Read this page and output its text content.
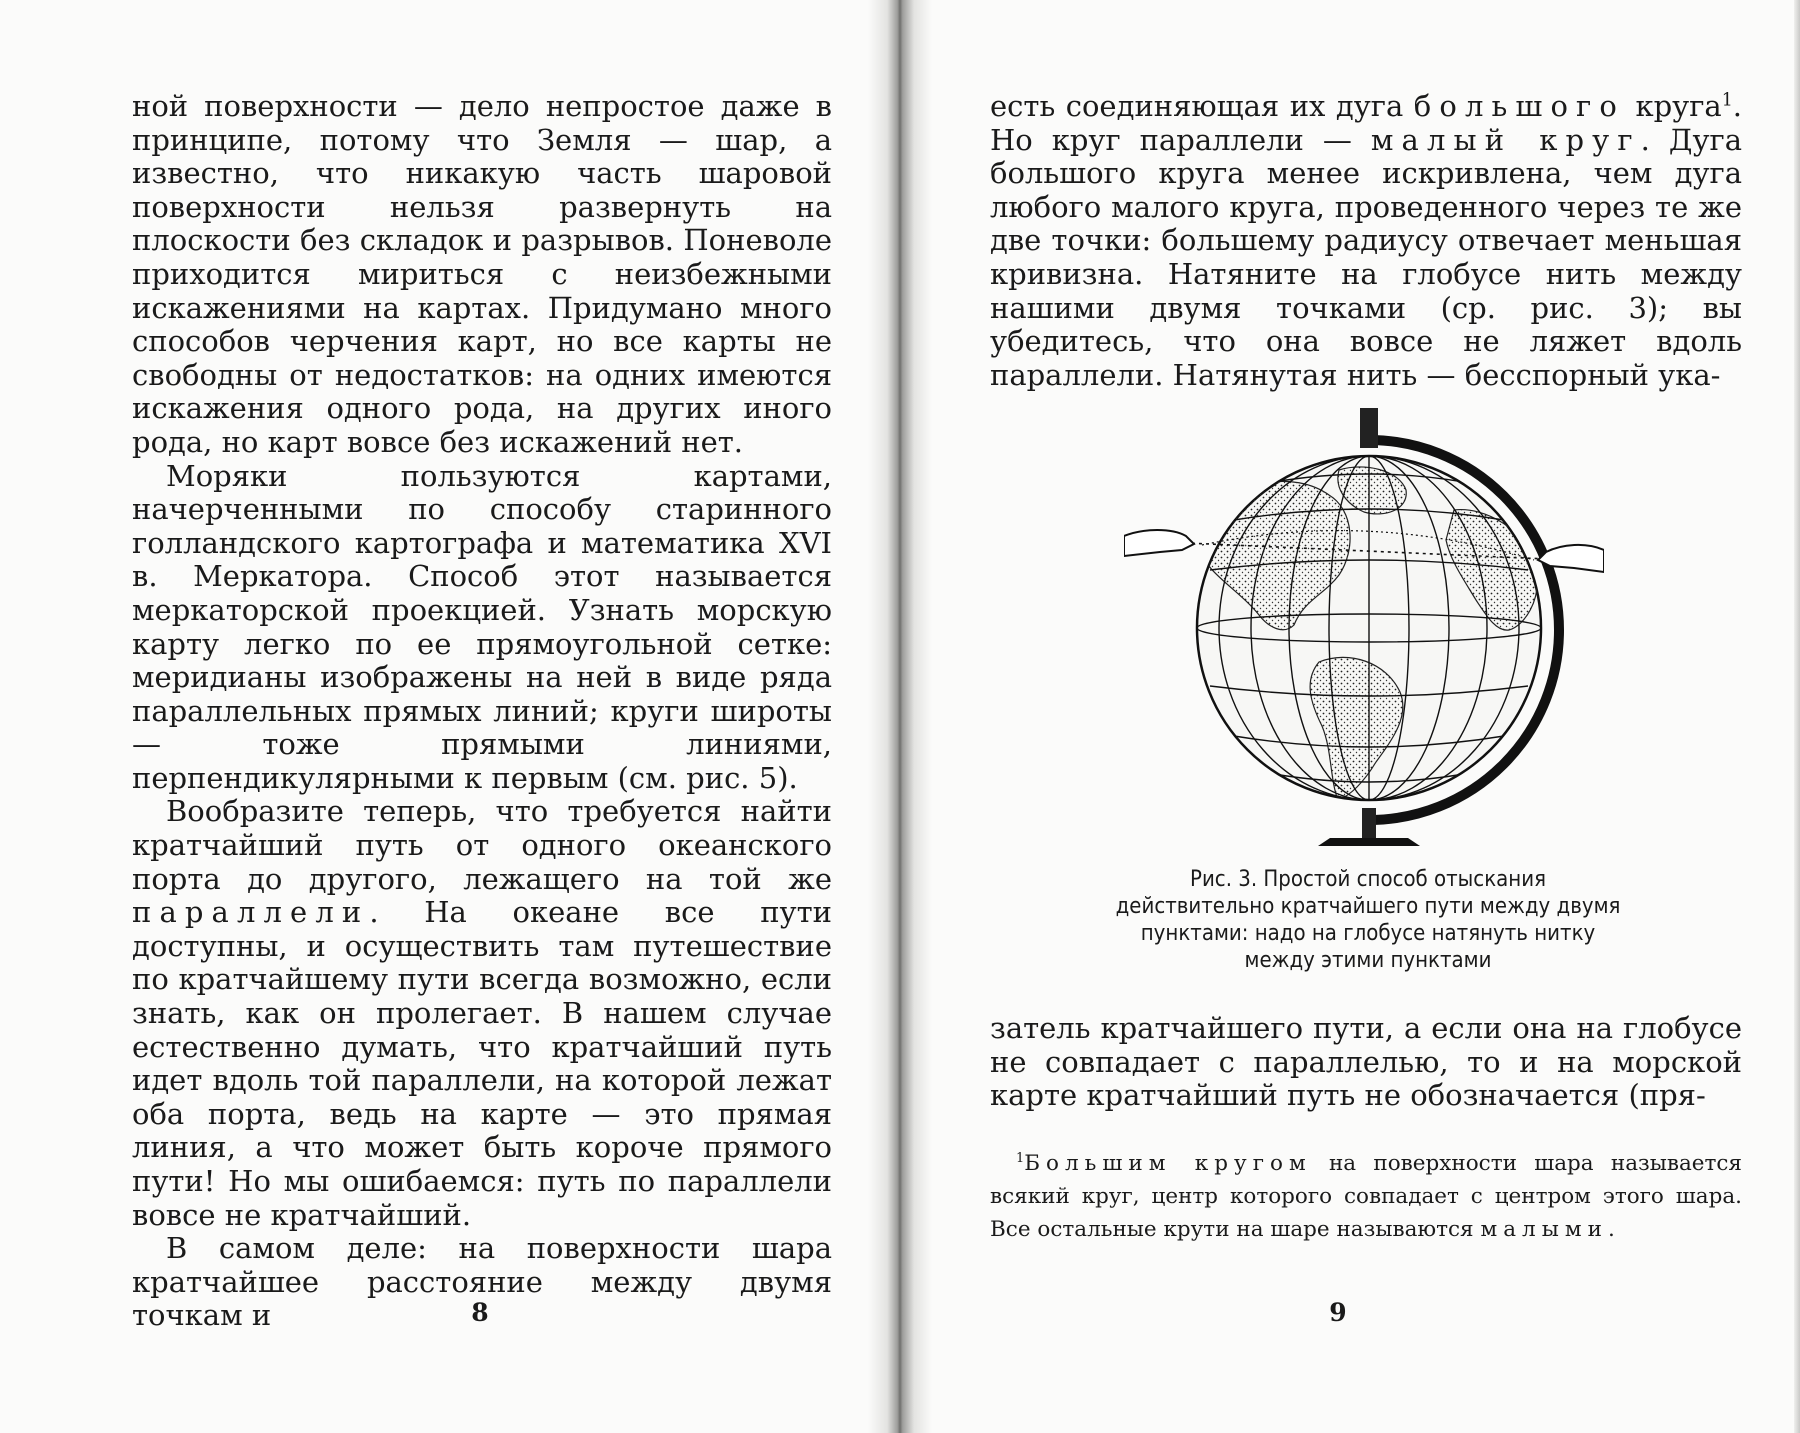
ной поверхности — дело непростое даже в принципе, потому что Земля — шар, а известно, что никакую часть шаровой поверхности нельзя развернуть на плоскости без складок и разрывов. Поневоле приходится мириться с неизбежными искажениями на картах. Придумано много способов черчения карт, но все карты не свободны от недостатков: на одних имеются искажения одного рода, на других иного рода, но карт вовсе без искажений нет.

Моряки пользуются картами, начерченными по способу старинного голландского картографа и математика XVI в. Меркатора. Способ этот называется меркаторской проекцией. Узнать морскую карту легко по ее прямоугольной сетке: меридианы изображены на ней в виде ряда параллельных прямых линий; круги широты — тоже прямыми линиями, перпендикулярными к первым (см. рис. 5).

Вообразите теперь, что требуется найти кратчайший путь от одного океанского порта до другого, лежащего на той же параллели. На океане все пути доступны, и осуществить там путешествие по кратчайшему пути всегда возможно, если знать, как он пролегает. В нашем случае естественно думать, что кратчайший путь идет вдоль той параллели, на которой лежат оба порта, ведь на карте — это прямая линия, а что может быть короче прямого пути! Но мы ошибаемся: путь по параллели вовсе не кратчайший.

В самом деле: на поверхности шара кратчайшее расстояние между двумя точкам и	8

есть соединяющая их дуга большого круга$^1$. Но круг параллели — малый круг. Дуга большого круга менее искривлена, чем дуга любого малого круга, проведенного через те же две точки: большему радиусу отвечает меньшая кривизна. Натяните на глобусе нить между нашими двумя точками (ср. рис. 3); вы убедитесь, что она вовсе не ляжет вдоль параллели. Натянутая нить — бесспорный ука-

Рис. 3. Простой способ отыскания действительно кратчайшего пути между двумя пунктами: надо на глобусе натянуть нитку между этими пунктами

затель кратчайшего пути, а если она на глобусе не совпадает с параллелью, то и на морской карте кратчайший путь не обозначается (пря-

$^1$Большим кругом на поверхности шара называется всякий круг, центр которого совпадает с центром этого шара. Все остальные крути на шаре называются малыми.

9
